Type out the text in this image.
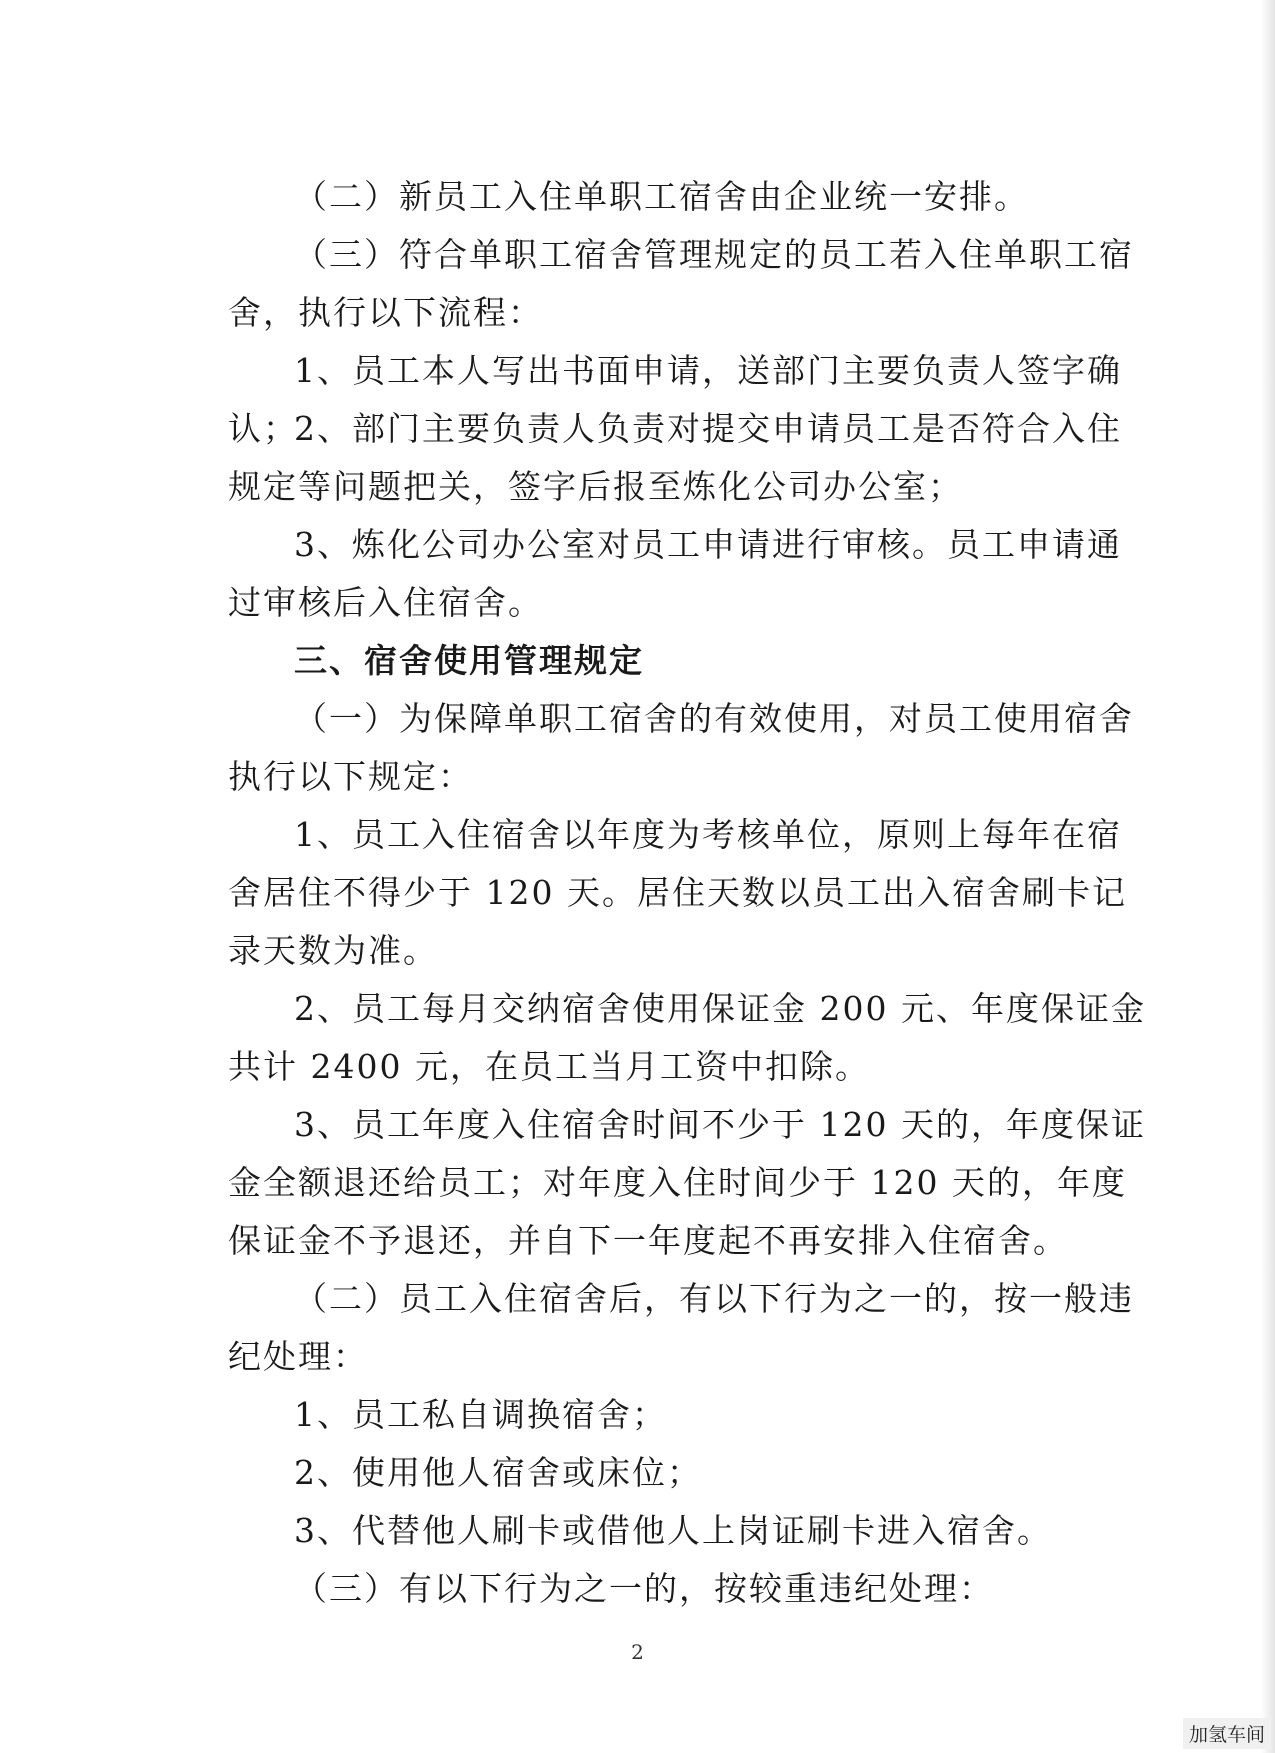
（二）新员工入住单职工宿舍由企业统一安排。

（三）符合单职工宿舍管理规定的员工若入住单职工宿舍，执行以下流程：

1、员工本人写出书面申请，送部门主要负责人签字确认；

2、部门主要负责人负责对提交申请员工是否符合入住规定等问题把关，签字后报至炼化公司办公室；

3、炼化公司办公室对员工申请进行审核。员工申请通过审核后入住宿舍。

三、宿舍使用管理规定

（一）为保障单职工宿舍的有效使用，对员工使用宿舍执行以下规定：

1、员工入住宿舍以年度为考核单位，原则上每年在宿舍居住不得少于 120 天。居住天数以员工出入宿舍刷卡记录天数为准。

2、员工每月交纳宿舍使用保证金 200 元、年度保证金共计 2400 元，在员工当月工资中扣除。

3、员工年度入住宿舍时间不少于 120 天的，年度保证金全额退还给员工；对年度入住时间少于 120 天的，年度保证金不予退还，并自下一年度起不再安排入住宿舍。

（二）员工入住宿舍后，有以下行为之一的，按一般违纪处理：

1、员工私自调换宿舍；

2、使用他人宿舍或床位；

3、代替他人刷卡或借他人上岗证刷卡进入宿舍。

（三）有以下行为之一的，按较重违纪处理：

2
加氢车间
